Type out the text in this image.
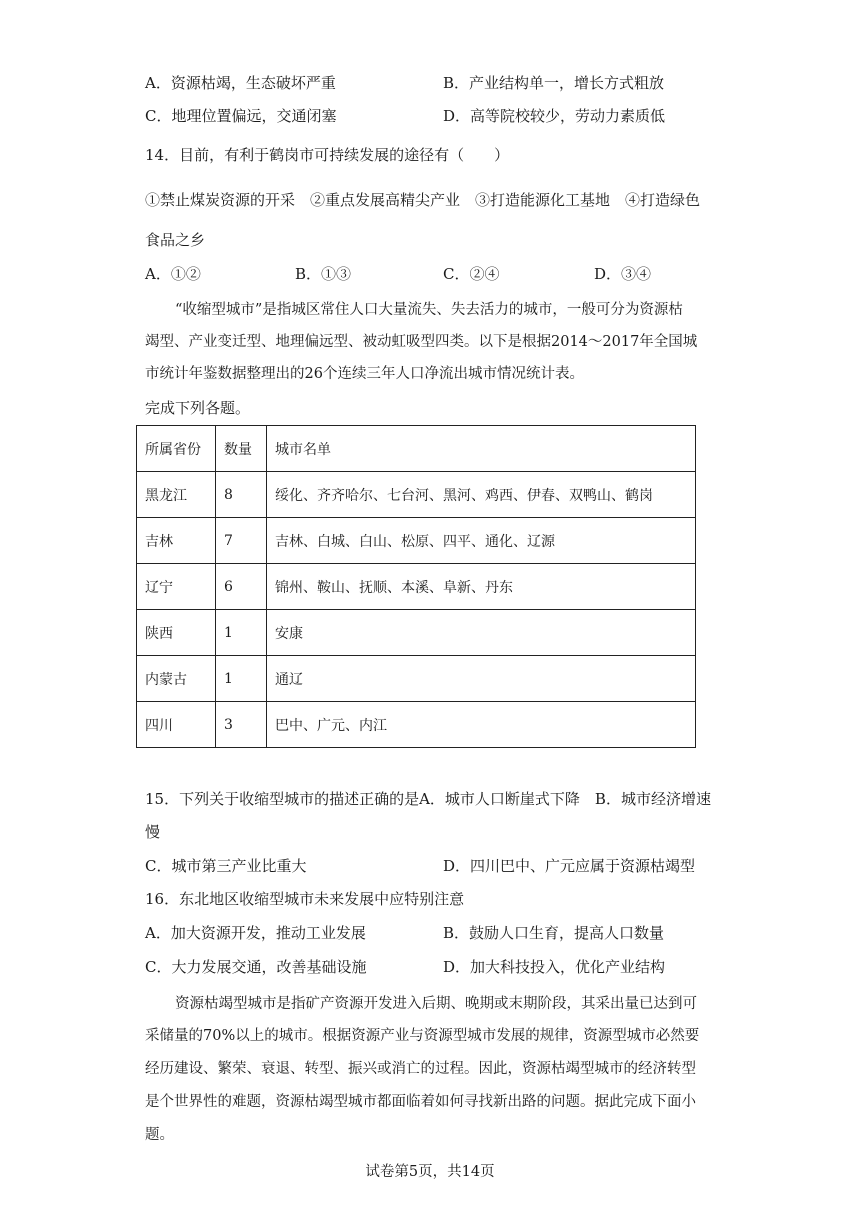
A．资源枯竭，生态破坏严重	B．产业结构单一，增长方式粗放
C．地理位置偏远，交通闭塞	D．高等院校较少，劳动力素质低
14．目前，有利于鹤岗市可持续发展的途径有（　　）
①禁止煤炭资源的开采　②重点发展高精尖产业　③打造能源化工基地　④打造绿色
食品之乡
A．①②	B．①③	C．②④	D．③④
“收缩型城市”是指城区常住人口大量流失、失去活力的城市，一般可分为资源枯
竭型、产业变迁型、地理偏远型、被动虹吸型四类。以下是根据2014～2017年全国城
市统计年鉴数据整理出的26个连续三年人口净流出城市情况统计表。
完成下列各题。
所属省份	数量	城市名单
黑龙江	8	绥化、齐齐哈尔、七台河、黑河、鸡西、伊春、双鸭山、鹤岗
吉林	7	吉林、白城、白山、松原、四平、通化、辽源
辽宁	6	锦州、鞍山、抚顺、本溪、阜新、丹东
陕西	1	安康
内蒙古	1	通辽
四川	3	巴中、广元、内江
15．下列关于收缩型城市的描述正确的是A．城市人口断崖式下降　B．城市经济增速
慢
C．城市第三产业比重大	D．四川巴中、广元应属于资源枯竭型
16．东北地区收缩型城市未来发展中应特别注意
A．加大资源开发，推动工业发展	B．鼓励人口生育，提高人口数量
C．大力发展交通，改善基础设施	D．加大科技投入，优化产业结构
资源枯竭型城市是指矿产资源开发进入后期、晚期或末期阶段，其采出量已达到可
采储量的70%以上的城市。根据资源产业与资源型城市发展的规律，资源型城市必然要
经历建设、繁荣、衰退、转型、振兴或消亡的过程。因此，资源枯竭型城市的经济转型
是个世界性的难题，资源枯竭型城市都面临着如何寻找新出路的问题。据此完成下面小
题。
试卷第5页，共14页
